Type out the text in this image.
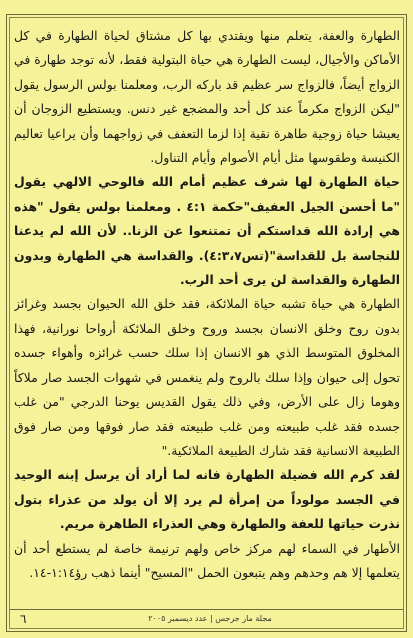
الطهارة والعفة، يتعلم منها ويقتدي بها كل مشتاق لحياة الطهارة في كل الأماكن والأجيال، ليست الطهارة هي حياة البتولية فقط، لأنه توجد طهارة في الزواج أيضاً، فالزواج سر عظيم قد باركه الرب، ومعلمنا بولس الرسول يقول "ليكن الزواج مكرماً عند كل أحد والمضجع غير دنس. ويستطيع الزوجان أن يعيشا حياة زوجية طاهرة نقية إذا لزما التعفف في زواجهما وأن يراعيا تعاليم الكنيسة وطقوسها مثل أيام الأصوام وأيام التناول.

حياة الطهارة لها شرف عظيم أمام الله فالوحي الالهي يقول "ما أحسن الجيل العفيف"حكمة ٤:١ . ومعلمنا بولس يقول "هذه هي إرادة الله قداستكم أن تمتنعوا عن الزنا.. لأن الله لم يدعنا للنجاسة بل للقداسة"(تس٤:٣،٧). والقداسة هي الطهارة وبدون الطهارة والقداسة لن يرى أحد الرب.

الطهارة هي حياة تشبه حياة الملائكة، فقد خلق الله الحيوان بجسد وغرائز بدون روح وخلق الانسان بجسد وروح وخلق الملائكة أرواحا نورانية، فهذا المخلوق المتوسط الذي هو الانسان إذا سلك حسب غرائزه وأهواء جسده تحول إلى حيوان وإذا سلك بالروح ولم ينغمس في شهوات الجسد صار ملاكاً وهوما زال على الأرض، وفي ذلك يقول القديس يوحنا الدرجي "من غلب جسده فقد غلب طبيعته ومن غلب طبيعته فقد صار فوقها ومن صار فوق الطبيعة الانسانية فقد شارك الطبيعة الملائكية."

لقد كرم الله فضيلة الطهارة فانه لما أراد أن يرسل إبنه الوحيد في الجسد مولوداً من إمرأة لم يرد إلا أن يولد من عذراء بتول نذرت حياتها للعفة والطهارة وهي العذراء الطاهرة مريم.

الأطهار في السماء لهم مركز خاص ولهم ترنيمة خاصة لم يستطع أحد أن يتعلمها إلا هم وحدهم وهم يتبعون الحمل "المسيح" أينما ذهب رؤ١:١٤-١٤.

٦	مجلة مار جرجس | عدد ديسمبر ٢٠٠٥
